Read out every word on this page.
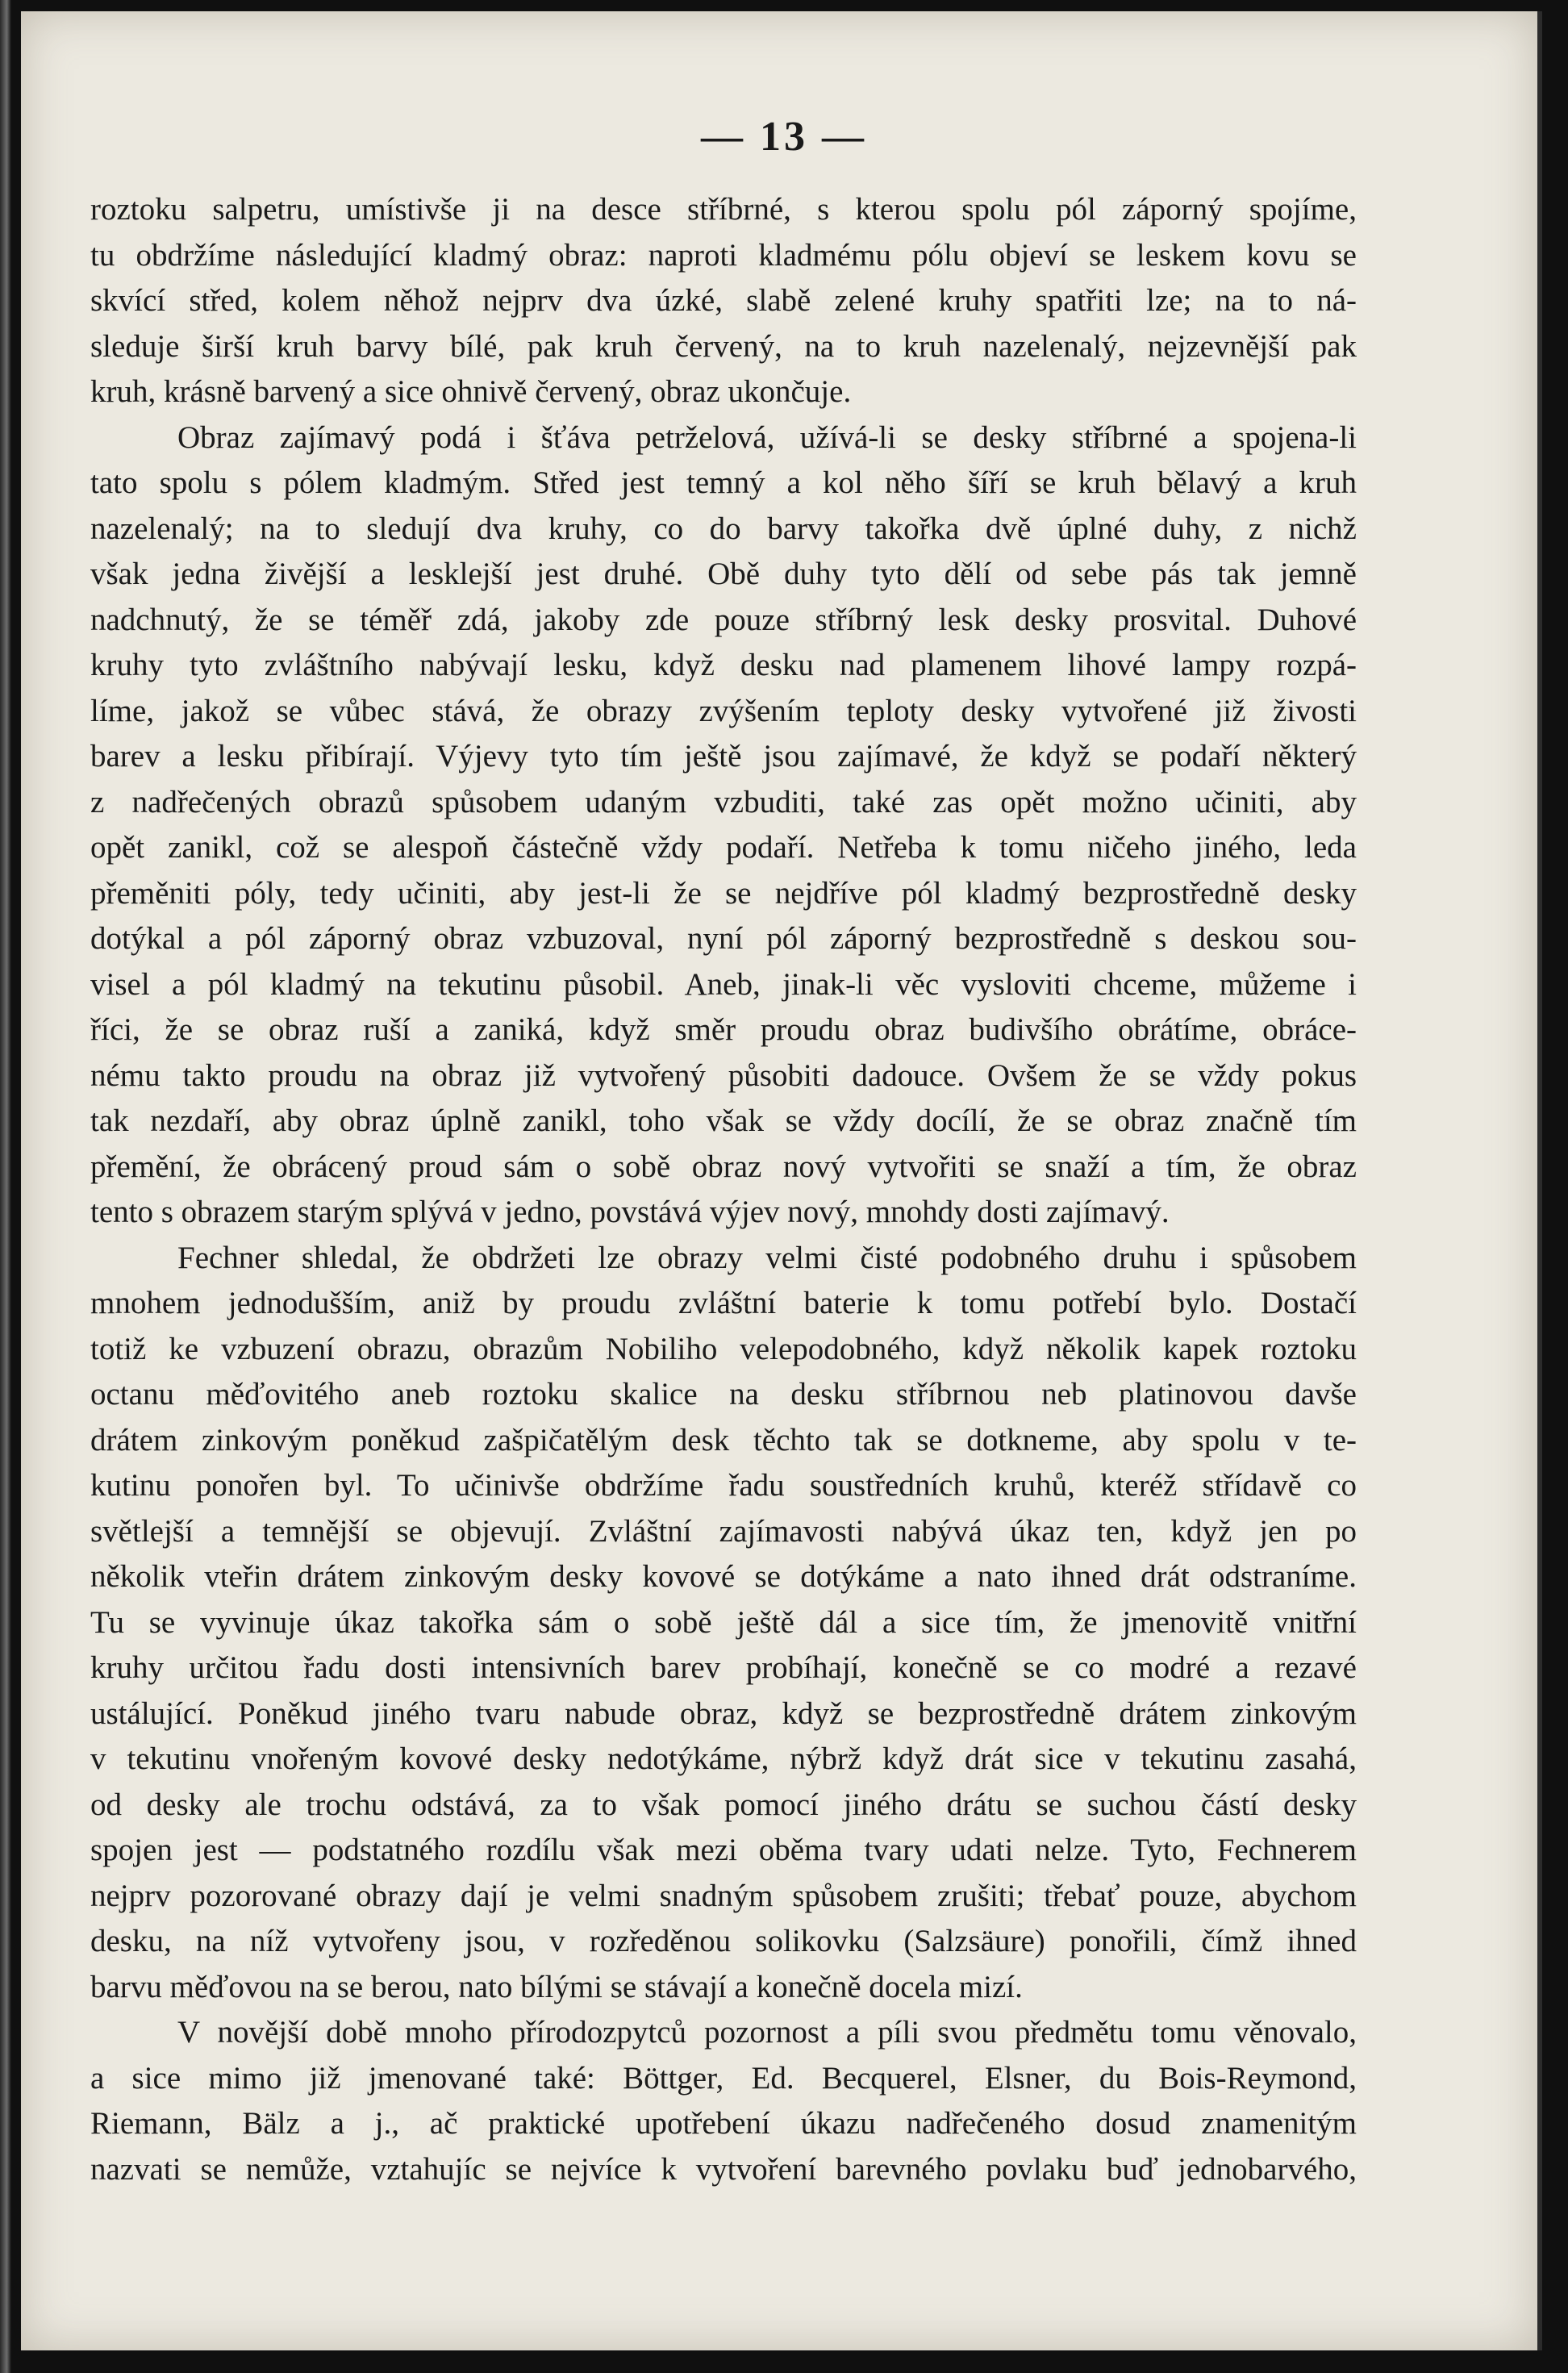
— 13 —
roztoku salpetru, umístivše ji na desce stříbrné, s kterou spolu pól záporný spojíme,
tu obdržíme následující kladmý obraz: naproti kladmému pólu objeví se leskem kovu se
skvící střed, kolem něhož nejprv dva úzké, slabě zelené kruhy spatřiti lze; na to ná-
sleduje širší kruh barvy bílé, pak kruh červený, na to kruh nazelenalý, nejzevnější pak
kruh, krásně barvený a sice ohnivě červený, obraz ukončuje.
Obraz zajímavý podá i šťáva petrželová, užívá-li se desky stříbrné a spojena-li
tato spolu s pólem kladmým. Střed jest temný a kol něho šíří se kruh bělavý a kruh
nazelenalý; na to sledují dva kruhy, co do barvy takořka dvě úplné duhy, z nichž
však jedna živější a lesklejší jest druhé. Obě duhy tyto dělí od sebe pás tak jemně
nadchnutý, že se téměř zdá, jakoby zde pouze stříbrný lesk desky prosvital. Duhové
kruhy tyto zvláštního nabývají lesku, když desku nad plamenem lihové lampy rozpá-
líme, jakož se vůbec stává, že obrazy zvýšením teploty desky vytvořené již živosti
barev a lesku přibírají. Výjevy tyto tím ještě jsou zajímavé, že když se podaří některý
z nadřečených obrazů spůsobem udaným vzbuditi, také zas opět možno učiniti, aby
opět zanikl, což se alespoň částečně vždy podaří. Netřeba k tomu ničeho jiného, leda
přeměniti póly, tedy učiniti, aby jest-li že se nejdříve pól kladmý bezprostředně desky
dotýkal a pól záporný obraz vzbuzoval, nyní pól záporný bezprostředně s deskou sou-
visel a pól kladmý na tekutinu působil. Aneb, jinak-li věc vysloviti chceme, můžeme i
říci, že se obraz ruší a zaniká, když směr proudu obraz budivšího obrátíme, obráce-
nému takto proudu na obraz již vytvořený působiti dadouce. Ovšem že se vždy pokus
tak nezdaří, aby obraz úplně zanikl, toho však se vždy docílí, že se obraz značně tím
přemění, že obrácený proud sám o sobě obraz nový vytvořiti se snaží a tím, že obraz
tento s obrazem starým splývá v jedno, povstává výjev nový, mnohdy dosti zajímavý.
Fechner shledal, že obdržeti lze obrazy velmi čisté podobného druhu i spůsobem
mnohem jednodušším, aniž by proudu zvláštní baterie k tomu potřebí bylo. Dostačí
totiž ke vzbuzení obrazu, obrazům Nobiliho velepodobného, když několik kapek roztoku
octanu měďovitého aneb roztoku skalice na desku stříbrnou neb platinovou davše
drátem zinkovým poněkud zašpičatělým desk těchto tak se dotkneme, aby spolu v te-
kutinu ponořen byl. To učinivše obdržíme řadu soustředních kruhů, kteréž střídavě co
světlejší a temnější se objevují. Zvláštní zajímavosti nabývá úkaz ten, když jen po
několik vteřin drátem zinkovým desky kovové se dotýkáme a nato ihned drát odstraníme.
Tu se vyvinuje úkaz takořka sám o sobě ještě dál a sice tím, že jmenovitě vnitřní
kruhy určitou řadu dosti intensivních barev probíhají, konečně se co modré a rezavé
ustálující. Poněkud jiného tvaru nabude obraz, když se bezprostředně drátem zinkovým
v tekutinu vnořeným kovové desky nedotýkáme, nýbrž když drát sice v tekutinu zasahá,
od desky ale trochu odstává, za to však pomocí jiného drátu se suchou částí desky
spojen jest — podstatného rozdílu však mezi oběma tvary udati nelze. Tyto, Fechnerem
nejprv pozorované obrazy dají je velmi snadným spůsobem zrušiti; třebať pouze, abychom
desku, na níž vytvořeny jsou, v rozředěnou solikovku (Salzsäure) ponořili, čímž ihned
barvu měďovou na se berou, nato bílými se stávají a konečně docela mizí.
V novější době mnoho přírodozpytců pozornost a píli svou předmětu tomu věnovalo,
a sice mimo již jmenované také: Böttger, Ed. Becquerel, Elsner, du Bois-Reymond,
Riemann, Bälz a j., ač praktické upotřebení úkazu nadřečeného dosud znamenitým
nazvati se nemůže, vztahujíc se nejvíce k vytvoření barevného povlaku buď jednobarvého,
